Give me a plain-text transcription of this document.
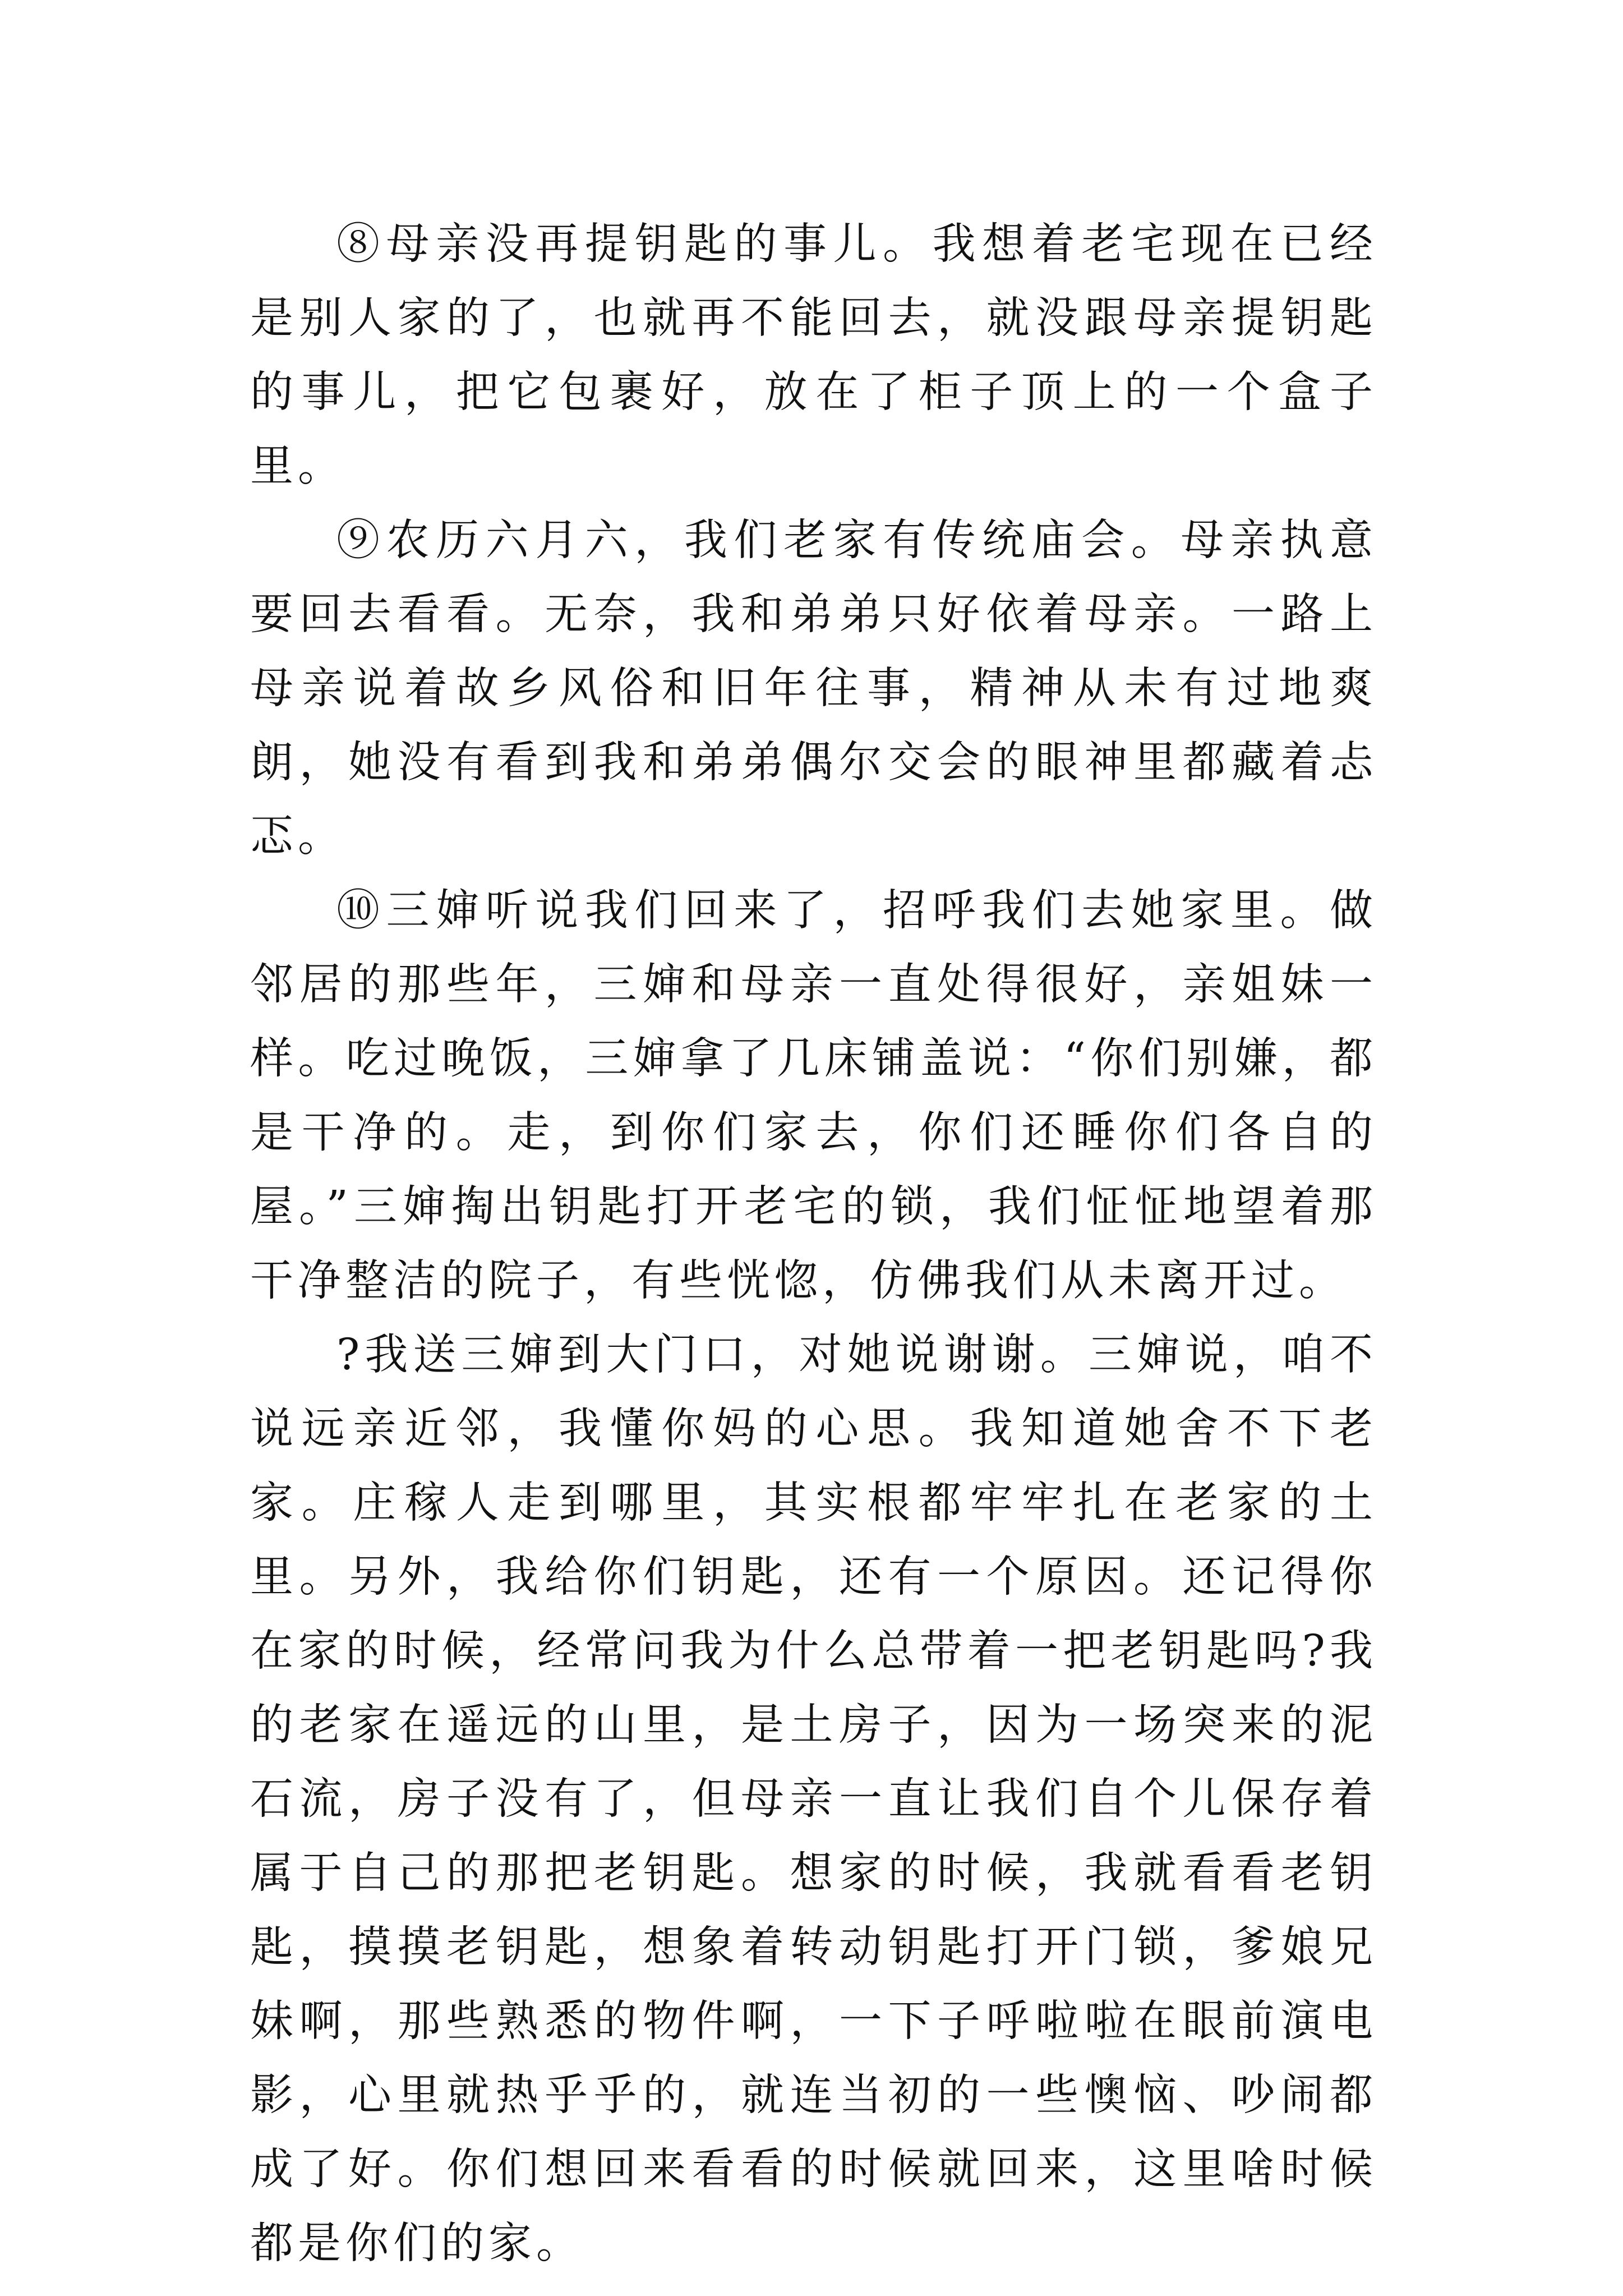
⑧母亲没再提钥匙的事儿。我想着老宅现在已经是别人家的了，也就再不能回去，就没跟母亲提钥匙的事儿，把它包裹好，放在了柜子顶上的一个盒子里。

⑨农历六月六，我们老家有传统庙会。母亲执意要回去看看。无奈，我和弟弟只好依着母亲。一路上母亲说着故乡风俗和旧年往事，精神从未有过地爽朗，她没有看到我和弟弟偶尔交会的眼神里都藏着忐忑。

⑩三婶听说我们回来了，招呼我们去她家里。做邻居的那些年，三婶和母亲一直处得很好，亲姐妹一样。吃过晚饭，三婶拿了几床铺盖说：“你们别嫌，都是干净的。走，到你们家去，你们还睡你们各自的屋。”三婶掏出钥匙打开老宅的锁，我们怔怔地望着那干净整洁的院子，有些恍惚，仿佛我们从未离开过。

?我送三婶到大门口，对她说谢谢。三婶说，咱不说远亲近邻，我懂你妈的心思。我知道她舍不下老家。庄稼人走到哪里，其实根都牢牢扎在老家的土里。另外，我给你们钥匙，还有一个原因。还记得你在家的时候，经常问我为什么总带着一把老钥匙吗?我的老家在遥远的山里，是土房子，因为一场突来的泥石流，房子没有了，但母亲一直让我们自个儿保存着属于自己的那把老钥匙。想家的时候，我就看看老钥匙，摸摸老钥匙，想象着转动钥匙打开门锁，爹娘兄妹啊，那些熟悉的物件啊，一下子呼啦啦在眼前演电影，心里就热乎乎的，就连当初的一些懊恼、吵闹都成了好。你们想回来看看的时候就回来，这里啥时候都是你们的家。
